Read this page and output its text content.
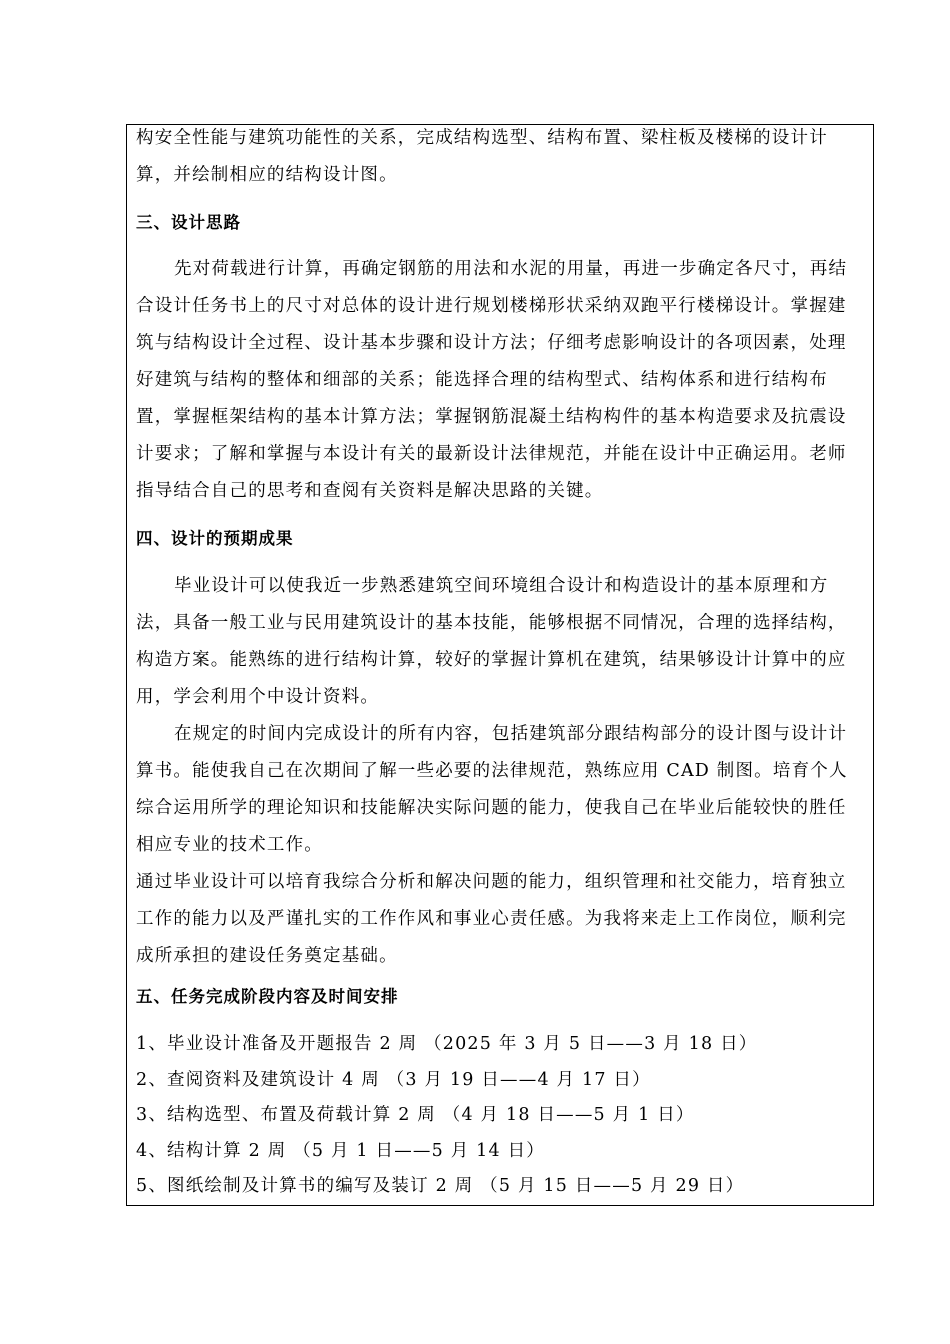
构安全性能与建筑功能性的关系，完成结构选型、结构布置、梁柱板及楼梯的设计计
算，并绘制相应的结构设计图。
三、设计思路
先对荷载进行计算，再确定钢筋的用法和水泥的用量，再进一步确定各尺寸，再结
合设计任务书上的尺寸对总体的设计进行规划楼梯形状采纳双跑平行楼梯设计。掌握建
筑与结构设计全过程、设计基本步骤和设计方法；仔细考虑影响设计的各项因素，处理
好建筑与结构的整体和细部的关系；能选择合理的结构型式、结构体系和进行结构布
置，掌握框架结构的基本计算方法；掌握钢筋混凝土结构构件的基本构造要求及抗震设
计要求；了解和掌握与本设计有关的最新设计法律规范，并能在设计中正确运用。老师
指导结合自己的思考和查阅有关资料是解决思路的关键。
四、设计的预期成果
毕业设计可以使我近一步熟悉建筑空间环境组合设计和构造设计的基本原理和方
法，具备一般工业与民用建筑设计的基本技能，能够根据不同情况，合理的选择结构，
构造方案。能熟练的进行结构计算，较好的掌握计算机在建筑，结果够设计计算中的应
用，学会利用个中设计资料。
在规定的时间内完成设计的所有内容，包括建筑部分跟结构部分的设计图与设计计
算书。能使我自己在次期间了解一些必要的法律规范，熟练应用 CAD 制图。培育个人
综合运用所学的理论知识和技能解决实际问题的能力，使我自己在毕业后能较快的胜任
相应专业的技术工作。
通过毕业设计可以培育我综合分析和解决问题的能力，组织管理和社交能力，培育独立
工作的能力以及严谨扎实的工作作风和事业心责任感。为我将来走上工作岗位，顺利完
成所承担的建设任务奠定基础。
五、任务完成阶段内容及时间安排
1、毕业设计准备及开题报告 2 周 （2025 年 3 月 5 日——3 月 18 日）
2、查阅资料及建筑设计 4 周 （3 月 19 日——4 月 17 日）
3、结构选型、布置及荷载计算 2 周 （4 月 18 日——5 月 1 日）
4、结构计算 2 周 （5 月 1 日——5 月 14 日）
5、图纸绘制及计算书的编写及装订 2 周 （5 月 15 日——5 月 29 日）
